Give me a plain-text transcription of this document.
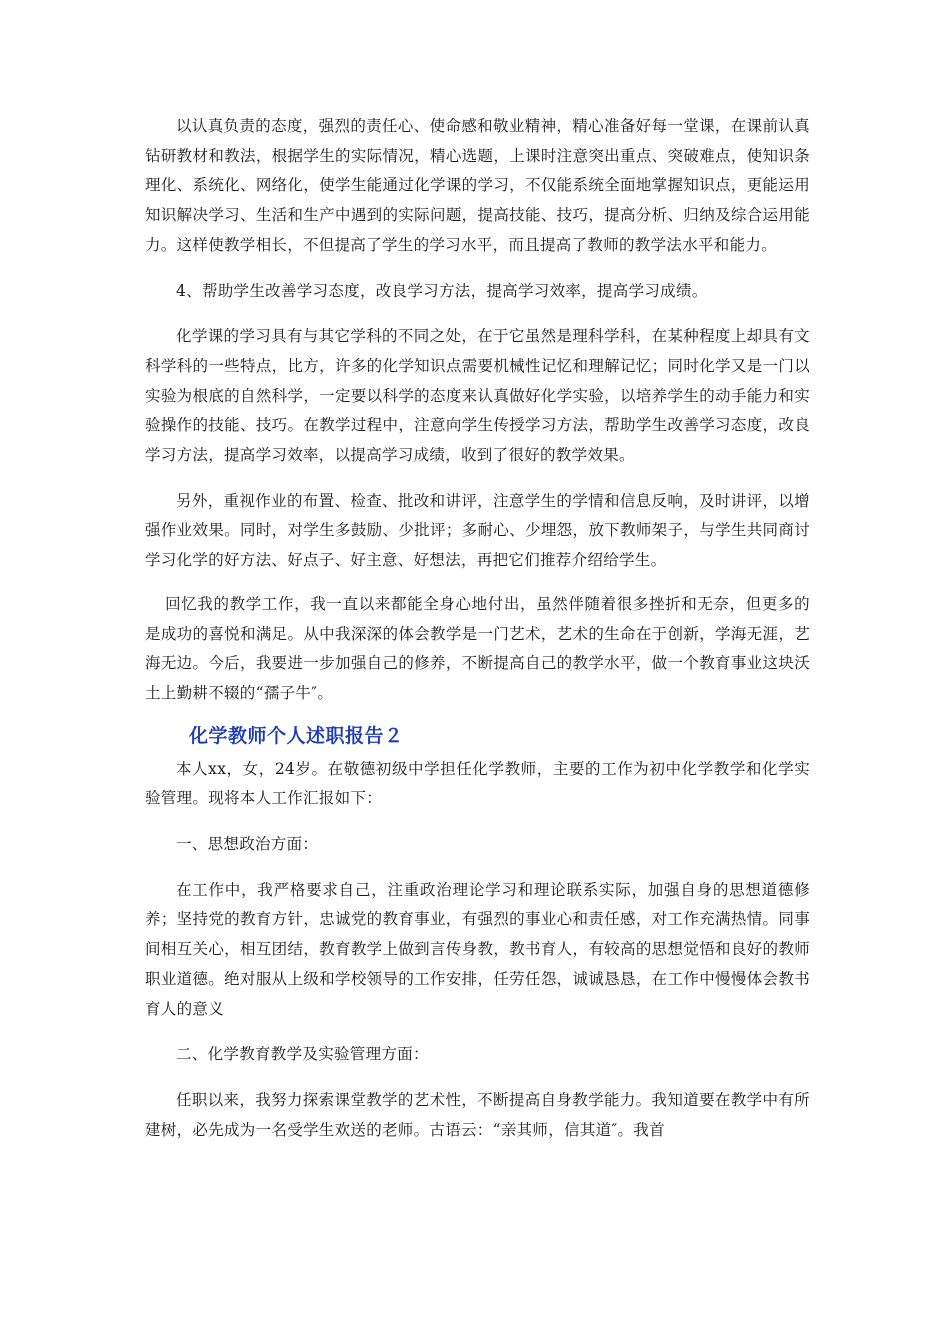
以认真负责的态度，强烈的责任心、使命感和敬业精神，精心准备好每一堂课，在课前认真钻研教材和教法，根据学生的实际情况，精心选题，上课时注意突出重点、突破难点，使知识条理化、系统化、网络化，使学生能通过化学课的学习，不仅能系统全面地掌握知识点，更能运用知识解决学习、生活和生产中遇到的实际问题，提高技能、技巧，提高分析、归纳及综合运用能力。这样使教学相长，不但提高了学生的学习水平，而且提高了教师的教学法水平和能力。

4、帮助学生改善学习态度，改良学习方法，提高学习效率，提高学习成绩。

化学课的学习具有与其它学科的不同之处，在于它虽然是理科学科，在某种程度上却具有文科学科的一些特点，比方，许多的化学知识点需要机械性记忆和理解记忆；同时化学又是一门以实验为根底的自然科学，一定要以科学的态度来认真做好化学实验，以培养学生的动手能力和实验操作的技能、技巧。在教学过程中，注意向学生传授学习方法，帮助学生改善学习态度，改良学习方法，提高学习效率，以提高学习成绩，收到了很好的教学效果。

另外，重视作业的布置、检查、批改和讲评，注意学生的学情和信息反响，及时讲评，以增强作业效果。同时，对学生多鼓励、少批评；多耐心、少埋怨，放下教师架子，与学生共同商讨学习化学的好方法、好点子、好主意、好想法，再把它们推荐介绍给学生。

回忆我的教学工作，我一直以来都能全身心地付出，虽然伴随着很多挫折和无奈，但更多的是成功的喜悦和满足。从中我深深的体会教学是一门艺术，艺术的生命在于创新，学海无涯，艺海无边。今后，我要进一步加强自己的修养，不断提高自己的教学水平，做一个教育事业这块沃土上勤耕不辍的“孺子牛″。

化学教师个人述职报告２

本人xx，女，24岁。在敬德初级中学担任化学教师，主要的工作为初中化学教学和化学实验管理。现将本人工作汇报如下：

一、思想政治方面：

在工作中，我严格要求自己，注重政治理论学习和理论联系实际，加强自身的思想道德修养；坚持党的教育方针，忠诚党的教育事业，有强烈的事业心和责任感，对工作充满热情。同事间相互关心，相互团结，教育教学上做到言传身教，教书育人，有较高的思想觉悟和良好的教师职业道德。绝对服从上级和学校领导的工作安排，任劳任怨，诚诚恳恳，在工作中慢慢体会教书育人的意义

二、化学教育教学及实验管理方面：

任职以来，我努力探索课堂教学的艺术性，不断提高自身教学能力。我知道要在教学中有所建树，必先成为一名受学生欢送的老师。古语云：“亲其师，信其道″。我首
